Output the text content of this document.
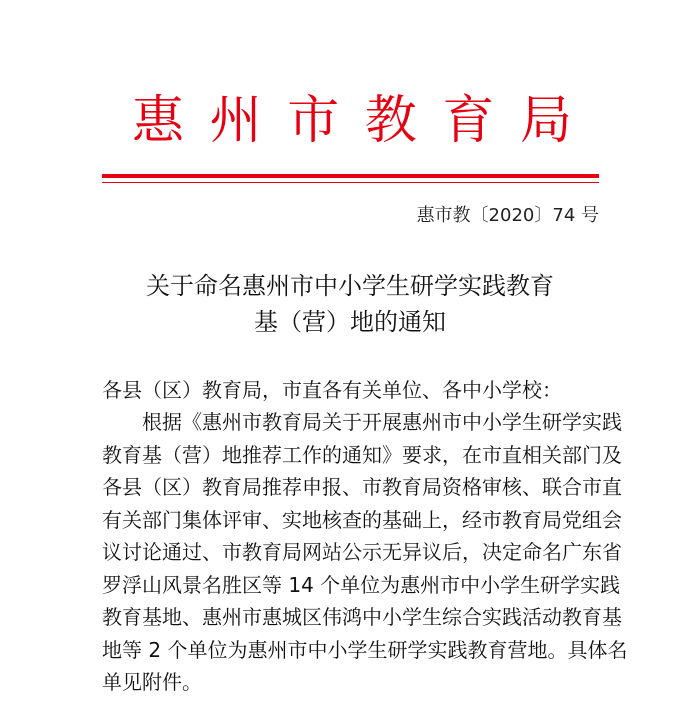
惠 州 市 教 育 局
惠市教〔2020〕74 号
关于命名惠州市中小学生研学实践教育
基（营）地的通知
各县（区）教育局，市直各有关单位、各中小学校：
根据《惠州市教育局关于开展惠州市中小学生研学实践
教育基（营）地推荐工作的通知》要求，在市直相关部门及
各县（区）教育局推荐申报、市教育局资格审核、联合市直
有关部门集体评审、实地核查的基础上，经市教育局党组会
议讨论通过、市教育局网站公示无异议后，决定命名广东省
罗浮山风景名胜区等 14 个单位为惠州市中小学生研学实践
教育基地、惠州市惠城区伟鸿中小学生综合实践活动教育基
地等 2 个单位为惠州市中小学生研学实践教育营地。具体名
单见附件。
